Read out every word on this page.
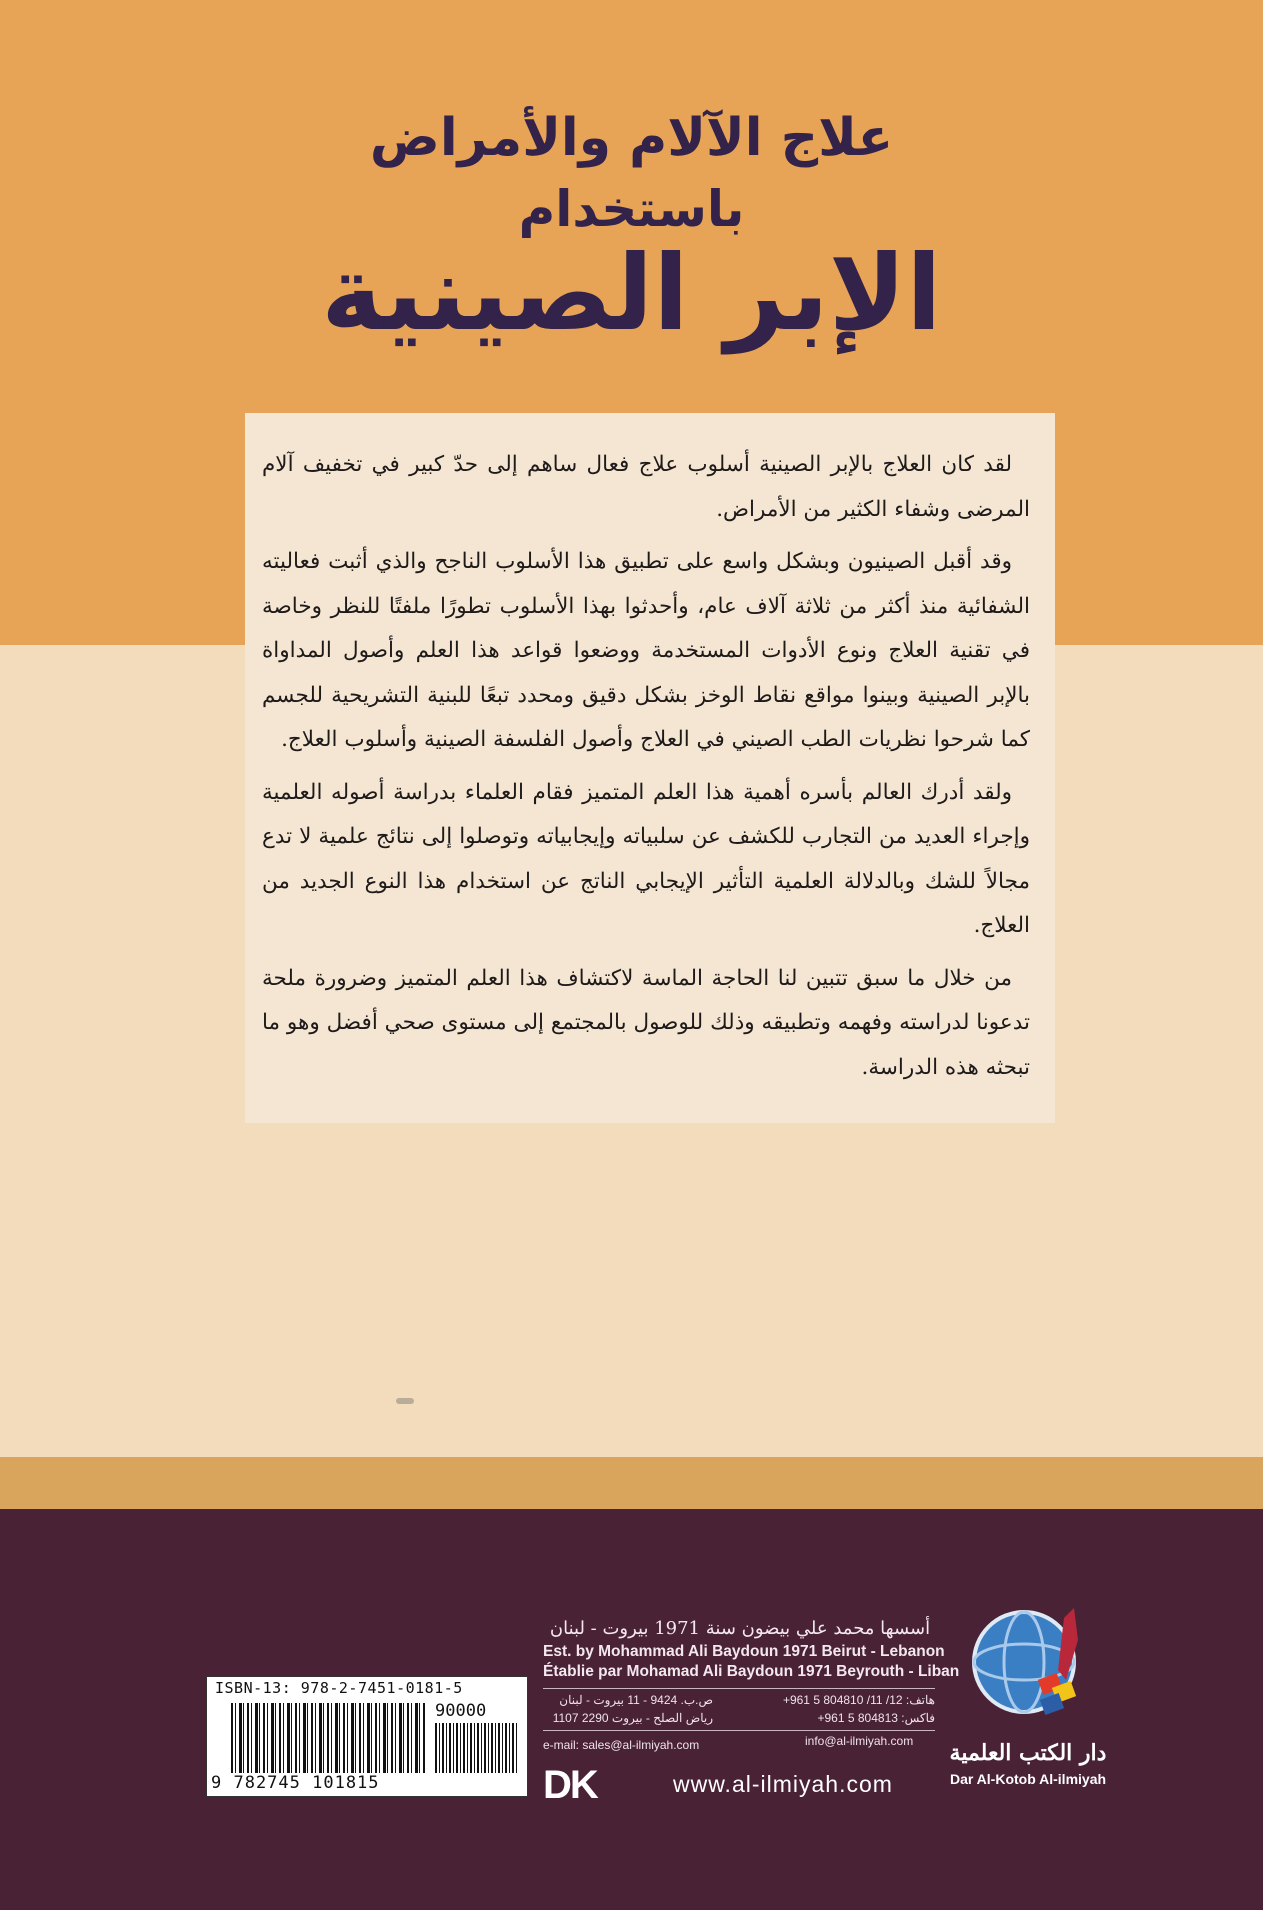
علاج الآلام والأمراض
باستخدام
الإبر الصينية

لقد كان العلاج بالإبر الصينية أسلوب علاج فعال ساهم إلى حدّ كبير في تخفيف آلام المرضى وشفاء الكثير من الأمراض.

وقد أقبل الصينيون وبشكل واسع على تطبيق هذا الأسلوب الناجح والذي أثبت فعاليته الشفائية منذ أكثر من ثلاثة آلاف عام، وأحدثوا بهذا الأسلوب تطورًا ملفتًا للنظر وخاصة في تقنية العلاج ونوع الأدوات المستخدمة ووضعوا قواعد هذا العلم وأصول المداواة بالإبر الصينية وبينوا مواقع نقاط الوخز بشكل دقيق ومحدد تبعًا للبنية التشريحية للجسم كما شرحوا نظريات الطب الصيني في العلاج وأصول الفلسفة الصينية وأسلوب العلاج.

ولقد أدرك العالم بأسره أهمية هذا العلم المتميز فقام العلماء بدراسة أصوله العلمية وإجراء العديد من التجارب للكشف عن سلبياته وإيجابياته وتوصلوا إلى نتائج علمية لا تدع مجالاً للشك وبالدلالة العلمية التأثير الإيجابي الناتج عن استخدام هذا النوع الجديد من العلاج.

من خلال ما سبق تتبين لنا الحاجة الماسة لاكتشاف هذا العلم المتميز وضرورة ملحة تدعونا لدراسته وفهمه وتطبيقه وذلك للوصول بالمجتمع إلى مستوى صحي أفضل وهو ما تبحثه هذه الدراسة.

ISBN-13: 978-2-7451-0181-5
90000
9 782745 101815
أسسها محمد علي بيضون سنة 1971 بيروت - لبنان
Est. by Mohammad Ali Baydoun 1971 Beirut - Lebanon
Établie par Mohamad Ali Baydoun 1971 Beyrouth - Liban
ص.ب. 9424 - 11 بيروت - لبنان
رياض الصلح - بيروت 2290 1107
هاتف: 12/ 11/ 804810 5 961+
فاكس: 804813 5 961+
e-mail: sales@al-ilmiyah.com	info@al-ilmiyah.com
DK	www.al-ilmiyah.com
دار الكتب العلمية
Dar Al-Kotob Al-ilmiyah
